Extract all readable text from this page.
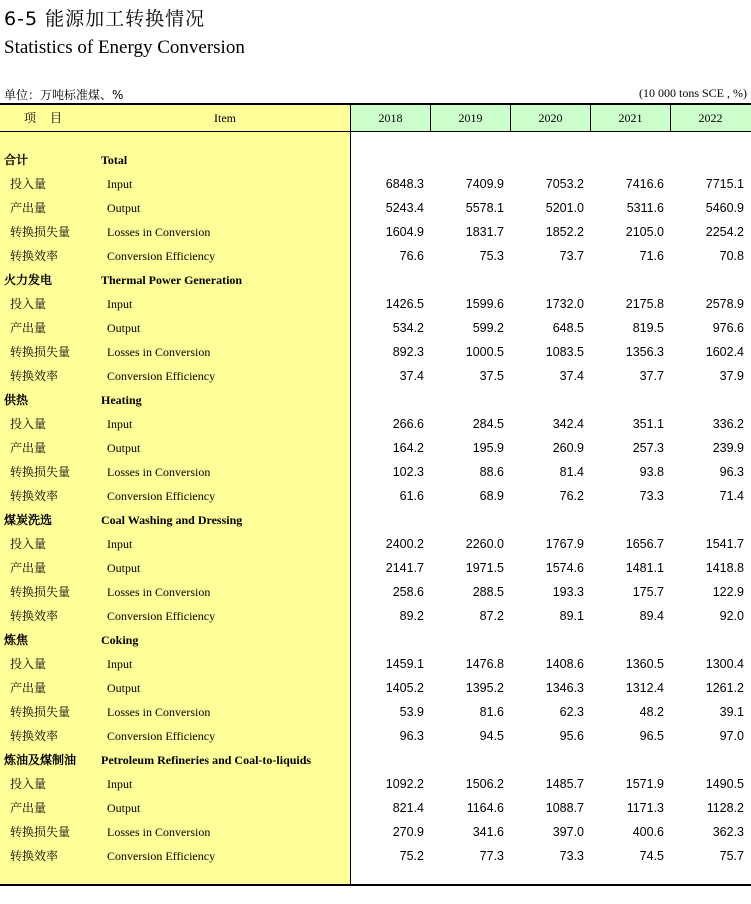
6-5 能源加工转换情况
Statistics of Energy Conversion
单位：万吨标准煤、%	(10 000 tons SCE , %)
项目	Item	2018	2019	2020	2021	2022
合计	Total
投入量	Input	6848.3	7409.9	7053.2	7416.6	7715.1
产出量	Output	5243.4	5578.1	5201.0	5311.6	5460.9
转换损失量	Losses in Conversion	1604.9	1831.7	1852.2	2105.0	2254.2
转换效率	Conversion Efficiency	76.6	75.3	73.7	71.6	70.8
火力发电	Thermal Power Generation
投入量	Input	1426.5	1599.6	1732.0	2175.8	2578.9
产出量	Output	534.2	599.2	648.5	819.5	976.6
转换损失量	Losses in Conversion	892.3	1000.5	1083.5	1356.3	1602.4
转换效率	Conversion Efficiency	37.4	37.5	37.4	37.7	37.9
供热	Heating
投入量	Input	266.6	284.5	342.4	351.1	336.2
产出量	Output	164.2	195.9	260.9	257.3	239.9
转换损失量	Losses in Conversion	102.3	88.6	81.4	93.8	96.3
转换效率	Conversion Efficiency	61.6	68.9	76.2	73.3	71.4
煤炭洗选	Coal Washing and Dressing
投入量	Input	2400.2	2260.0	1767.9	1656.7	1541.7
产出量	Output	2141.7	1971.5	1574.6	1481.1	1418.8
转换损失量	Losses in Conversion	258.6	288.5	193.3	175.7	122.9
转换效率	Conversion Efficiency	89.2	87.2	89.1	89.4	92.0
炼焦	Coking
投入量	Input	1459.1	1476.8	1408.6	1360.5	1300.4
产出量	Output	1405.2	1395.2	1346.3	1312.4	1261.2
转换损失量	Losses in Conversion	53.9	81.6	62.3	48.2	39.1
转换效率	Conversion Efficiency	96.3	94.5	95.6	96.5	97.0
炼油及煤制油 Petroleum Refineries and Coal-to-liquids
投入量	Input	1092.2	1506.2	1485.7	1571.9	1490.5
产出量	Output	821.4	1164.6	1088.7	1171.3	1128.2
转换损失量	Losses in Conversion	270.9	341.6	397.0	400.6	362.3
转换效率	Conversion Efficiency	75.2	77.3	73.3	74.5	75.7
